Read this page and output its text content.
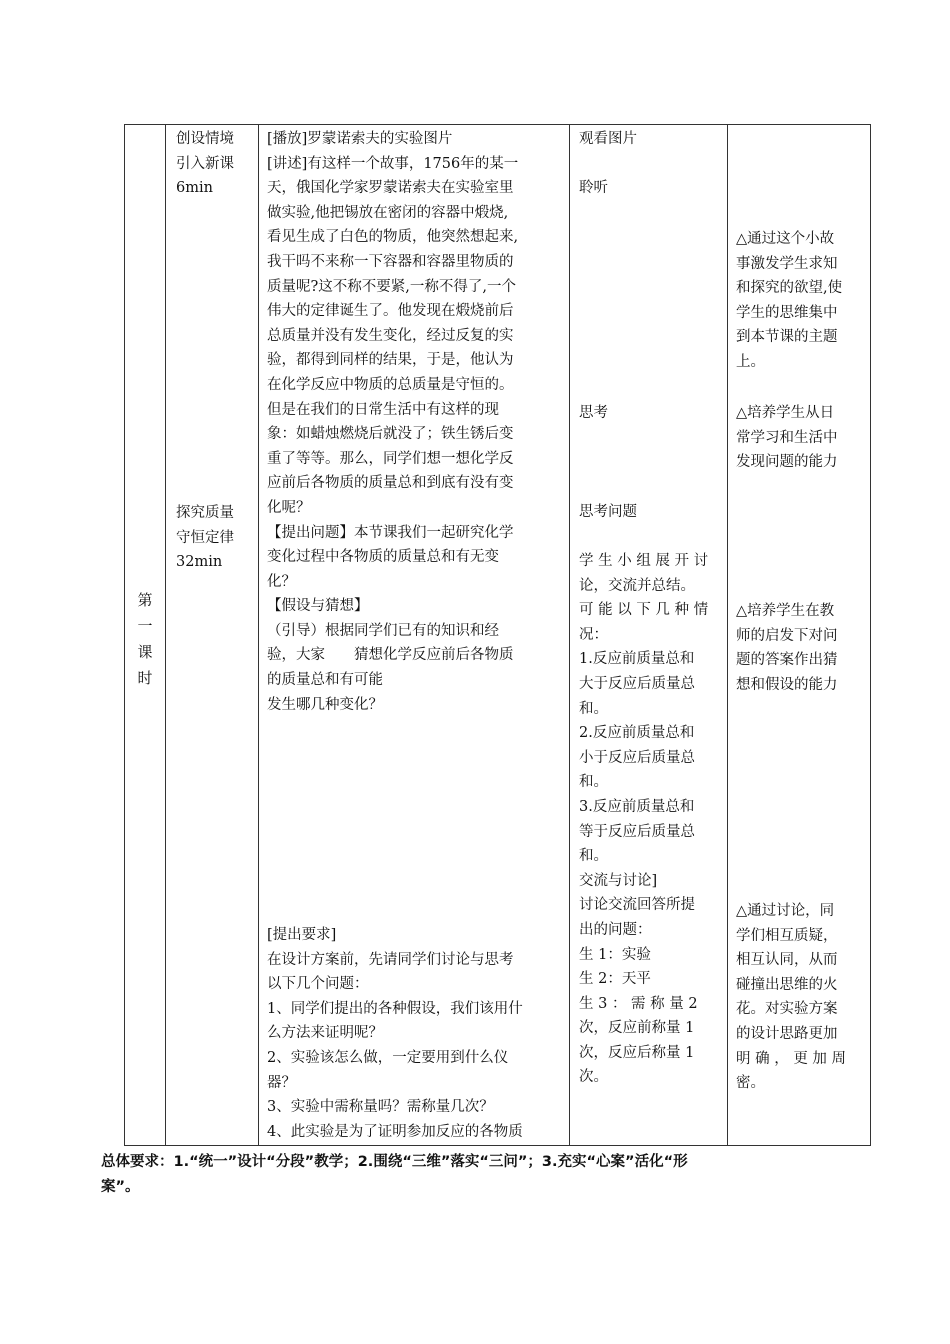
第
一
课
时
创设情境
引入新课
6min
探究质量
守恒定律
32min
[播放]罗蒙诺索夫的实验图片
[讲述]有这样一个故事，1756年的某一
天，俄国化学家罗蒙诺索夫在实验室里
做实验,他把锡放在密闭的容器中煅烧,
看见生成了白色的物质，他突然想起来,
我干吗不来称一下容器和容器里物质的
质量呢?这不称不要紧,一称不得了,一个
伟大的定律诞生了。他发现在煅烧前后
总质量并没有发生变化，经过反复的实
验，都得到同样的结果，于是，他认为
在化学反应中物质的总质量是守恒的。
但是在我们的日常生活中有这样的现
象：如蜡烛燃烧后就没了；铁生锈后变
重了等等。那么，同学们想一想化学反
应前后各物质的质量总和到底有没有变
化呢？
【提出问题】本节课我们一起研究化学
变化过程中各物质的质量总和有无变
化？
【假设与猜想】
（引导）根据同学们已有的知识和经
验，大家　　猜想化学反应前后各物质
的质量总和有可能
发生哪几种变化？
[提出要求]
在设计方案前，先请同学们讨论与思考
以下几个问题：
1、同学们提出的各种假设，我们该用什
么方法来证明呢？
2、实验该怎么做，一定要用到什么仪
器？
3、实验中需称量吗？需称量几次？
4、此实验是为了证明参加反应的各物质
观看图片
聆听
思考
思考问题
学 生 小 组 展 开 讨
论，交流并总结。
可 能 以 下 几 种 情
况：
1.反应前质量总和
大于反应后质量总
和。
2.反应前质量总和
小于反应后质量总
和。
3.反应前质量总和
等于反应后质量总
和。
交流与讨论]
讨论交流回答所提
出的问题：
生 1：实验
生 2：天平
生 3 ： 需 称 量 2
次，反应前称量 1
次，反应后称量 1
次。
△通过这个小故
事激发学生求知
和探究的欲望,使
学生的思维集中
到本节课的主题
上。
△培养学生从日
常学习和生活中
发现问题的能力
△培养学生在教
师的启发下对问
题的答案作出猜
想和假设的能力
△通过讨论，同
学们相互质疑，
相互认同，从而
碰撞出思维的火
花。对实验方案
的设计思路更加
明 确 ， 更 加 周
密。
总体要求：1.“统一”设计“分段”教学；2.围绕“三维”落实“三问”；3.充实“心案”活化“形
案”。
